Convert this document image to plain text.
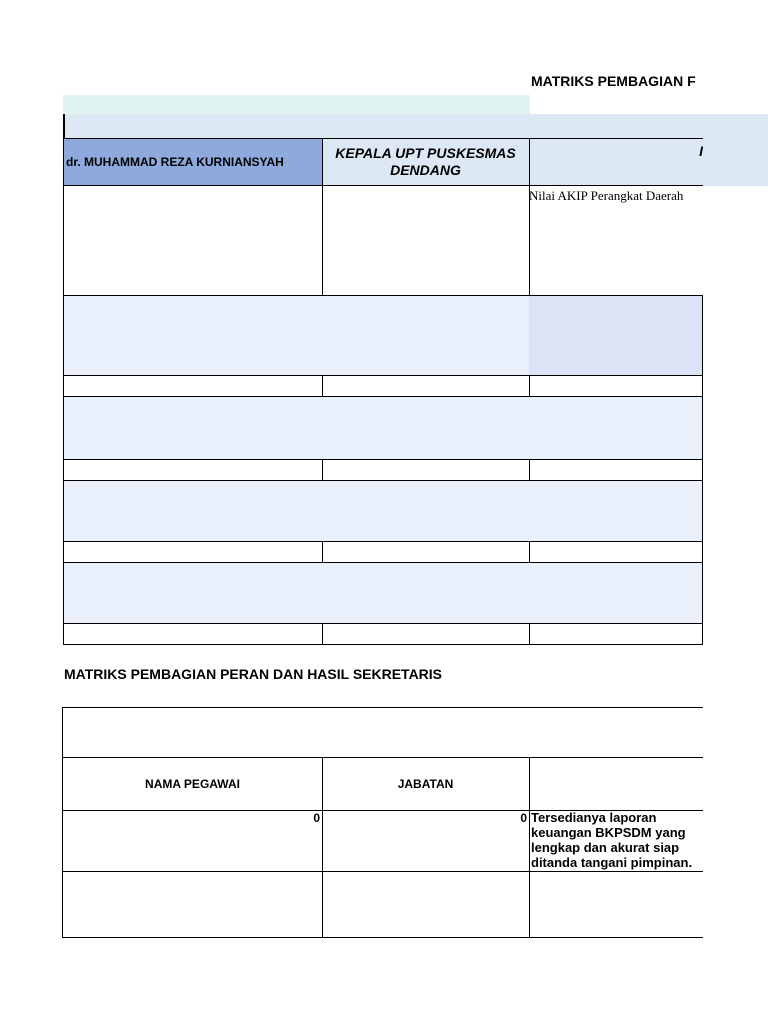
MATRIKS PEMBAGIAN F
dr. MUHAMMAD REZA KURNIANSYAH
KEPALA UPT PUSKESMAS DENDANG
I
Nilai AKIP Perangkat Daerah
MATRIKS PEMBAGIAN PERAN DAN HASIL SEKRETARIS
NAMA PEGAWAI	JABATAN
0	0 Tersedianya laporan keuangan BKPSDM yang lengkap dan akurat siap ditanda tangani pimpinan.
